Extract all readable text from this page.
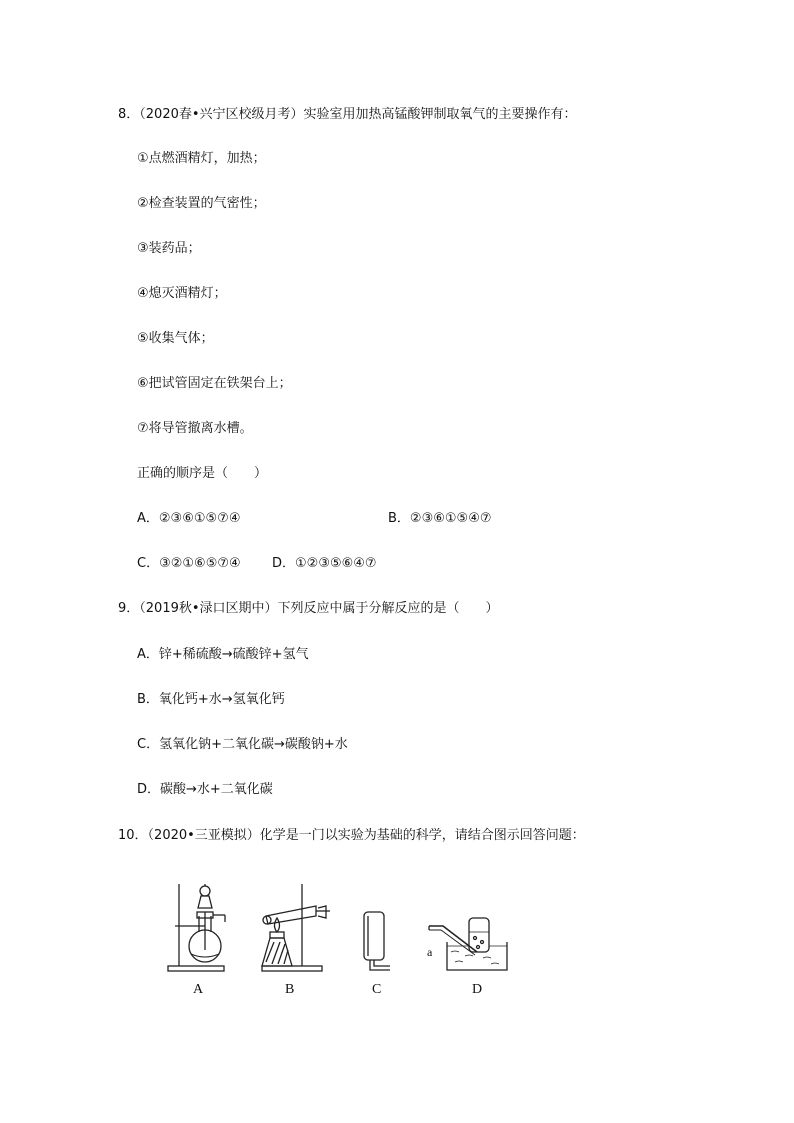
8．（2020春•兴宁区校级月考）实验室用加热高锰酸钾制取氧气的主要操作有：
①点燃酒精灯，加热；
②检查装置的气密性；
③装药品；
④熄灭酒精灯；
⑤收集气体；
⑥把试管固定在铁架台上；
⑦将导管撤离水槽。
正确的顺序是（　　）
A．②③⑥①⑤⑦④	B．②③⑥①⑤④⑦
C．③②①⑥⑤⑦④ D．①②③⑤⑥④⑦
9．（2019秋•渌口区期中）下列反应中属于分解反应的是（　　）
A．锌+稀硫酸→硫酸锌+氢气
B．氧化钙+水→氢氧化钙
C．氢氧化钠+二氧化碳→碳酸钠+水
D．碳酸→水+二氧化碳
10．（2020•三亚模拟）化学是一门以实验为基础的科学，请结合图示回答问题：
a
A	B	C	D
